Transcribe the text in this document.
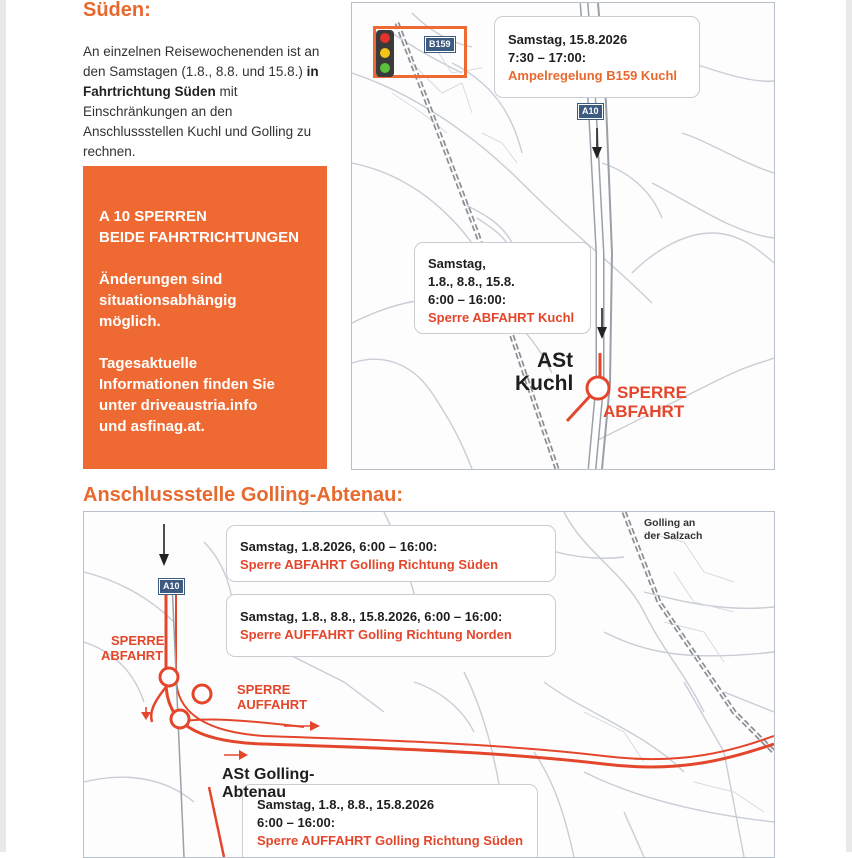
Süden:
An einzelnen Reisewochenenden ist an den Samstagen (1.8., 8.8. und 15.8.) in Fahrtrichtung Süden mit Einschränkungen an den Anschlussstellen Kuchl und Golling zu rechnen.

A 10 SPERREN
BEIDE FAHRTRICHTUNGEN

Änderungen sind
situationsabhängig
möglich.

Tagesaktuelle
Informationen finden Sie
unter driveaustria.info
und asfinag.at.

B159
A10
Samstag, 15.8.2026
7:30 – 17:00:
Ampelregelung B159 Kuchl
Samstag,
1.8., 8.8., 15.8.
6:00 – 16:00:
Sperre ABFAHRT Kuchl
ASt
Kuchl	SPERRE
ABFAHRT
Anschlussstelle Golling-Abtenau:
A10
Golling an
der Salzach
Samstag, 1.8.2026, 6:00 – 16:00:
Sperre ABFAHRT Golling Richtung Süden
Samstag, 1.8., 8.8., 15.8.2026, 6:00 – 16:00:
Sperre AUFFAHRT Golling Richtung Norden
Samstag, 1.8., 8.8., 15.8.2026
6:00 – 16:00:
Sperre AUFFAHRT Golling Richtung Süden
SPERRE
ABFAHRT
SPERRE
AUFFAHRT
ASt Golling-
Abtenau
